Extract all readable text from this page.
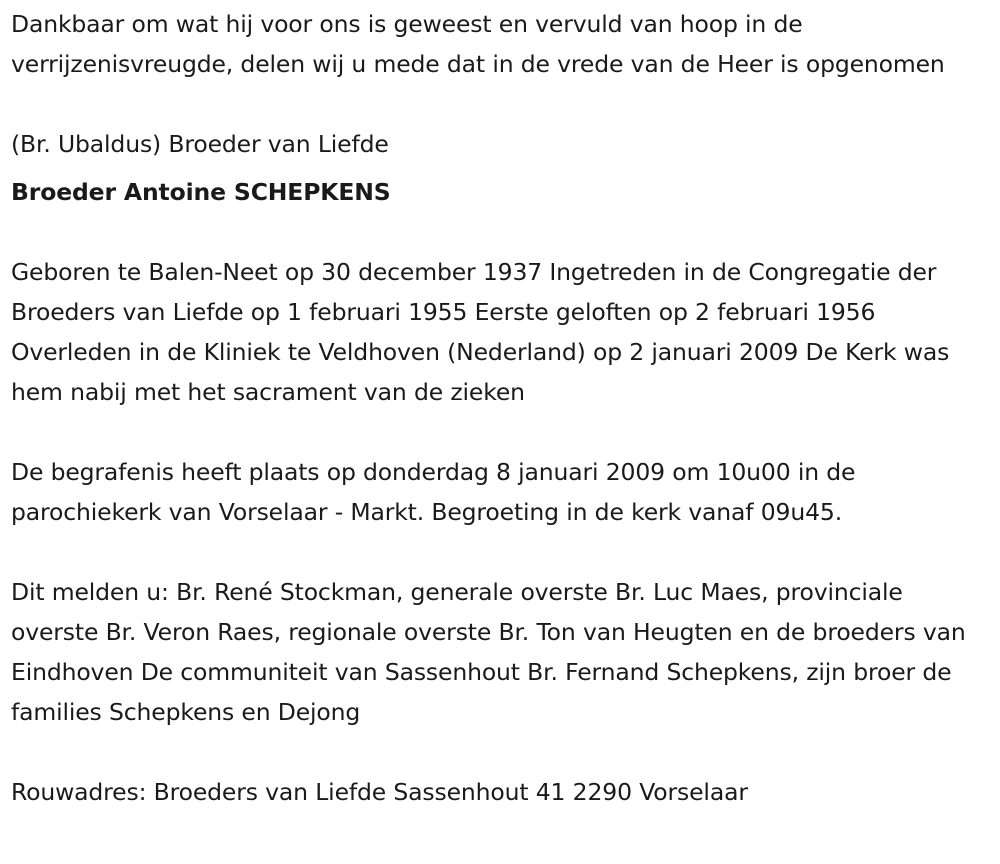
Dankbaar om wat hij voor ons is geweest en vervuld van hoop in de verrijzenisvreugde, delen wij u mede dat in de vrede van de Heer is opgenomen

(Br. Ubaldus) Broeder van Liefde

Broeder Antoine SCHEPKENS

Geboren te Balen-Neet op 30 december 1937 Ingetreden in de Congregatie der Broeders van Liefde op 1 februari 1955 Eerste geloften op 2 februari 1956 Overleden in de Kliniek te Veldhoven (Nederland) op 2 januari 2009 De Kerk was hem nabij met het sacrament van de zieken

De begrafenis heeft plaats op donderdag 8 januari 2009 om 10u00 in de parochiekerk van Vorselaar - Markt. Begroeting in de kerk vanaf 09u45.

Dit melden u: Br. René Stockman, generale overste Br. Luc Maes, provinciale overste Br. Veron Raes, regionale overste Br. Ton van Heugten en de broeders van Eindhoven De communiteit van Sassenhout Br. Fernand Schepkens, zijn broer de families Schepkens en Dejong

Rouwadres: Broeders van Liefde Sassenhout 41 2290 Vorselaar
